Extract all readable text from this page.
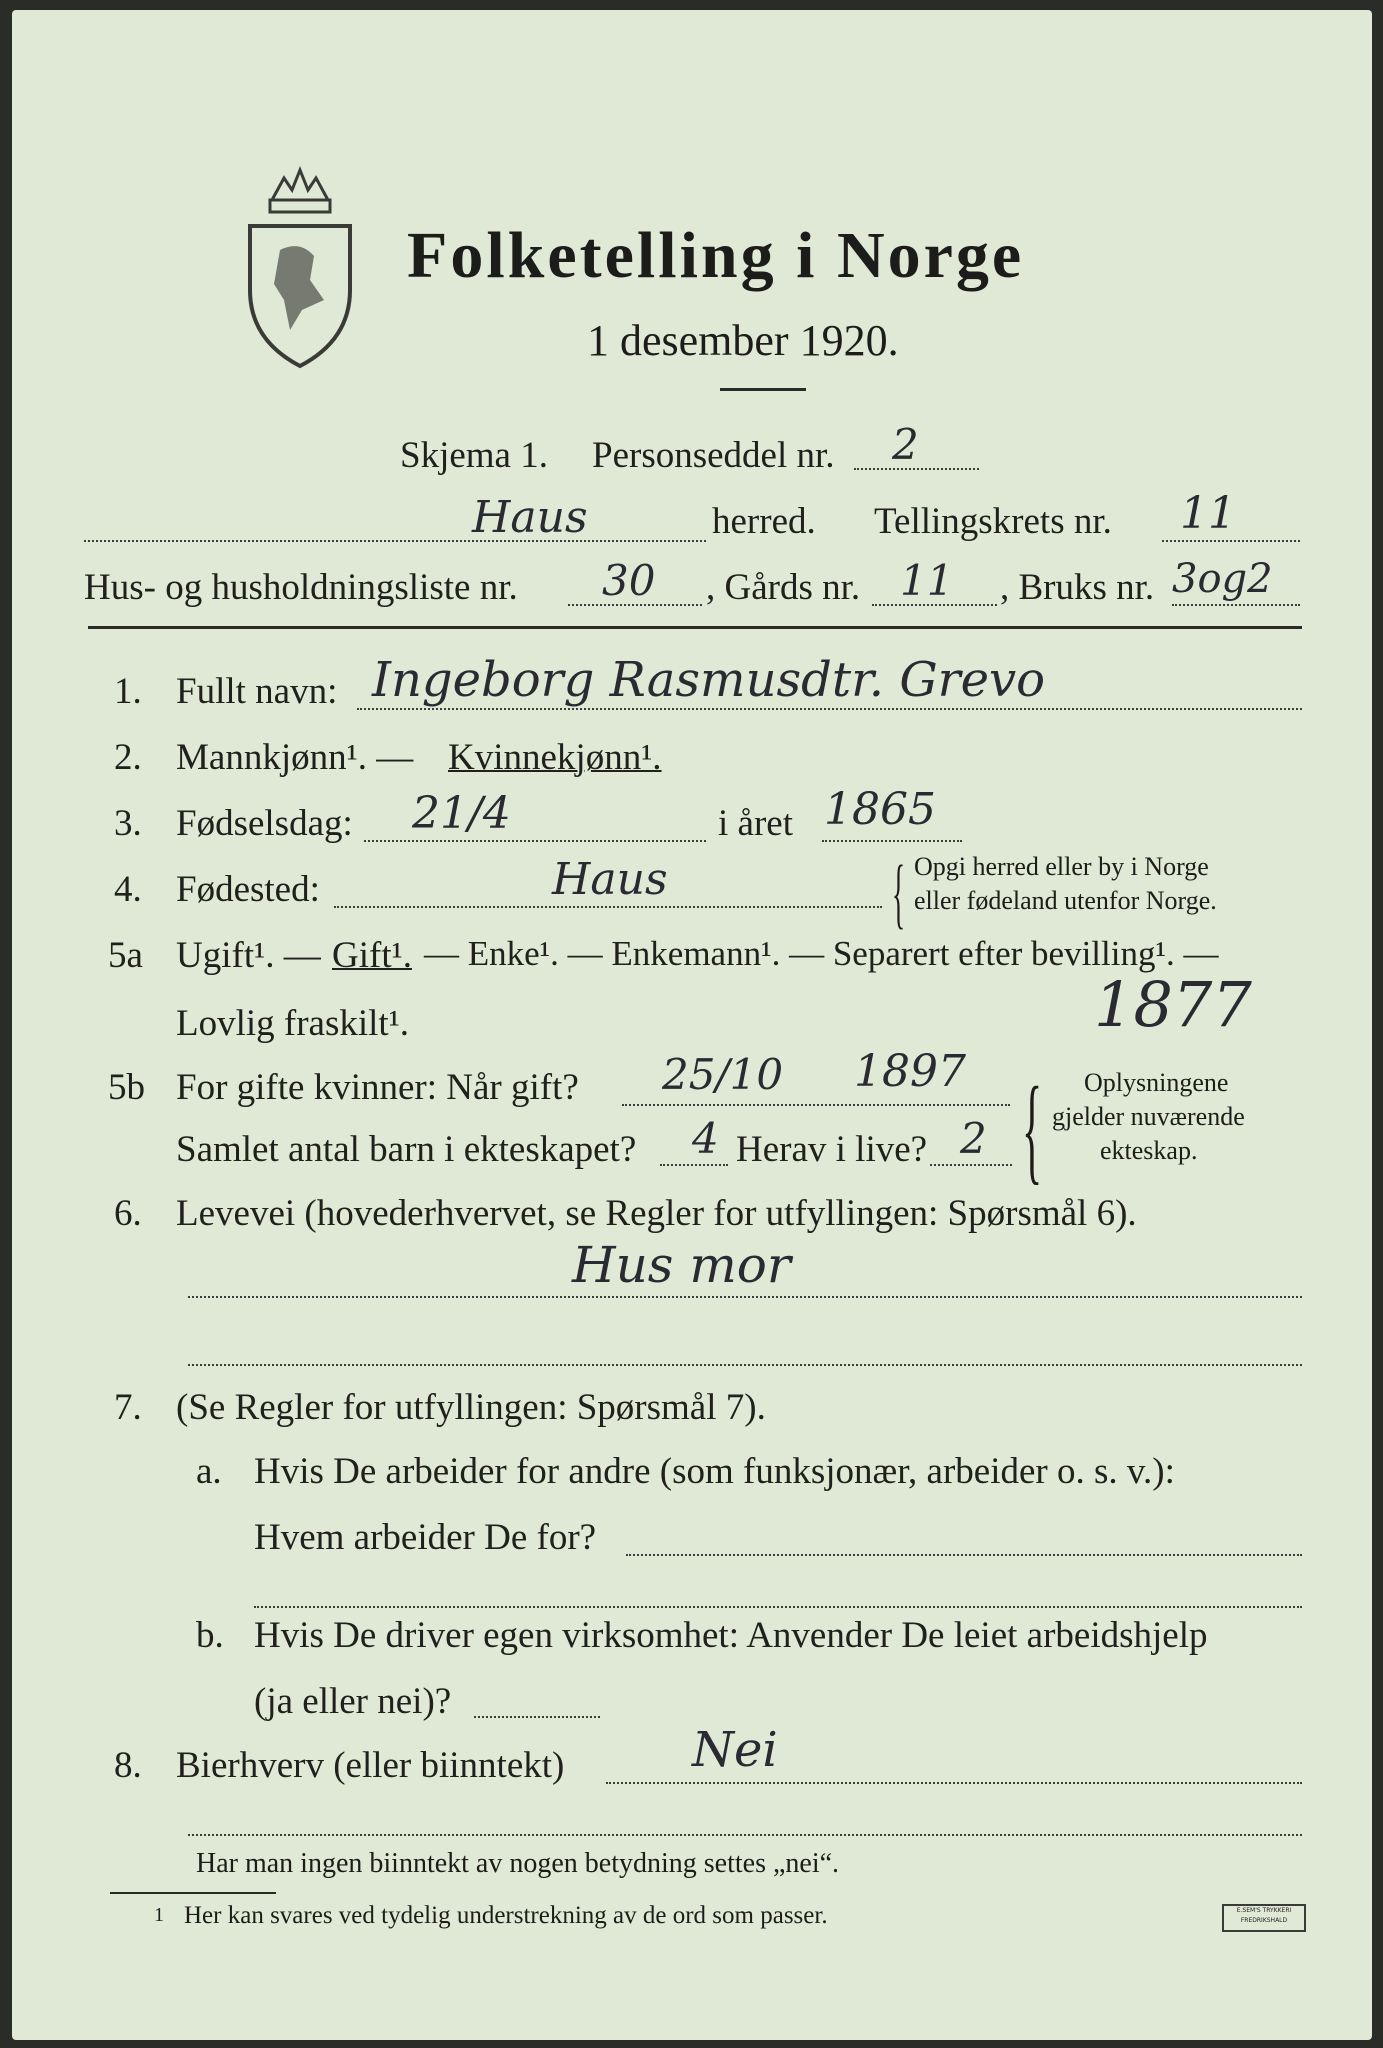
Folketelling i Norge
1 desember 1920.
Skjema 1. Personseddel nr. 2
Haus	herred. Tellingskrets nr. 11
Hus- og husholdningsliste nr. 30 , Gårds nr. 11 , Bruks nr. 3og2
1. Fullt navn: Ingeborg Rasmusdtr. Grevo
2. Mannkjønn¹. — Kvinnekjønn¹.
3. Fødselsdag: 21/4	i året 1865
4. Fødested:	Haus	{ Opgi herred eller by i Norge
eller fødeland utenfor Norge.
5a Ugift¹. — Gift¹. — Enke¹. — Enkemann¹. — Separert efter bevilling¹. —
Lovlig fraskilt¹.	1877
5b For gifte kvinner: Når gift? 25/10 1897
Samlet antal barn i ekteskapet? 4 Herav i live? 2 { Oplysningene
gjelder nuværende
ekteskap.
6. Levevei (hovederhvervet, se Regler for utfyllingen: Spørsmål 6).
Hus mor
7. (Se Regler for utfyllingen: Spørsmål 7).
a. Hvis De arbeider for andre (som funksjonær, arbeider o. s. v.):
Hvem arbeider De for?
b. Hvis De driver egen virksomhet: Anvender De leiet arbeidshjelp
(ja eller nei)?
8. Bierhverv (eller biinntekt)	Nei
Har man ingen biinntekt av nogen betydning settes „nei“.
1 Her kan svares ved tydelig understrekning av de ord som passer.	E.SEM'S TRYKKERI FREDRIKSHALD
